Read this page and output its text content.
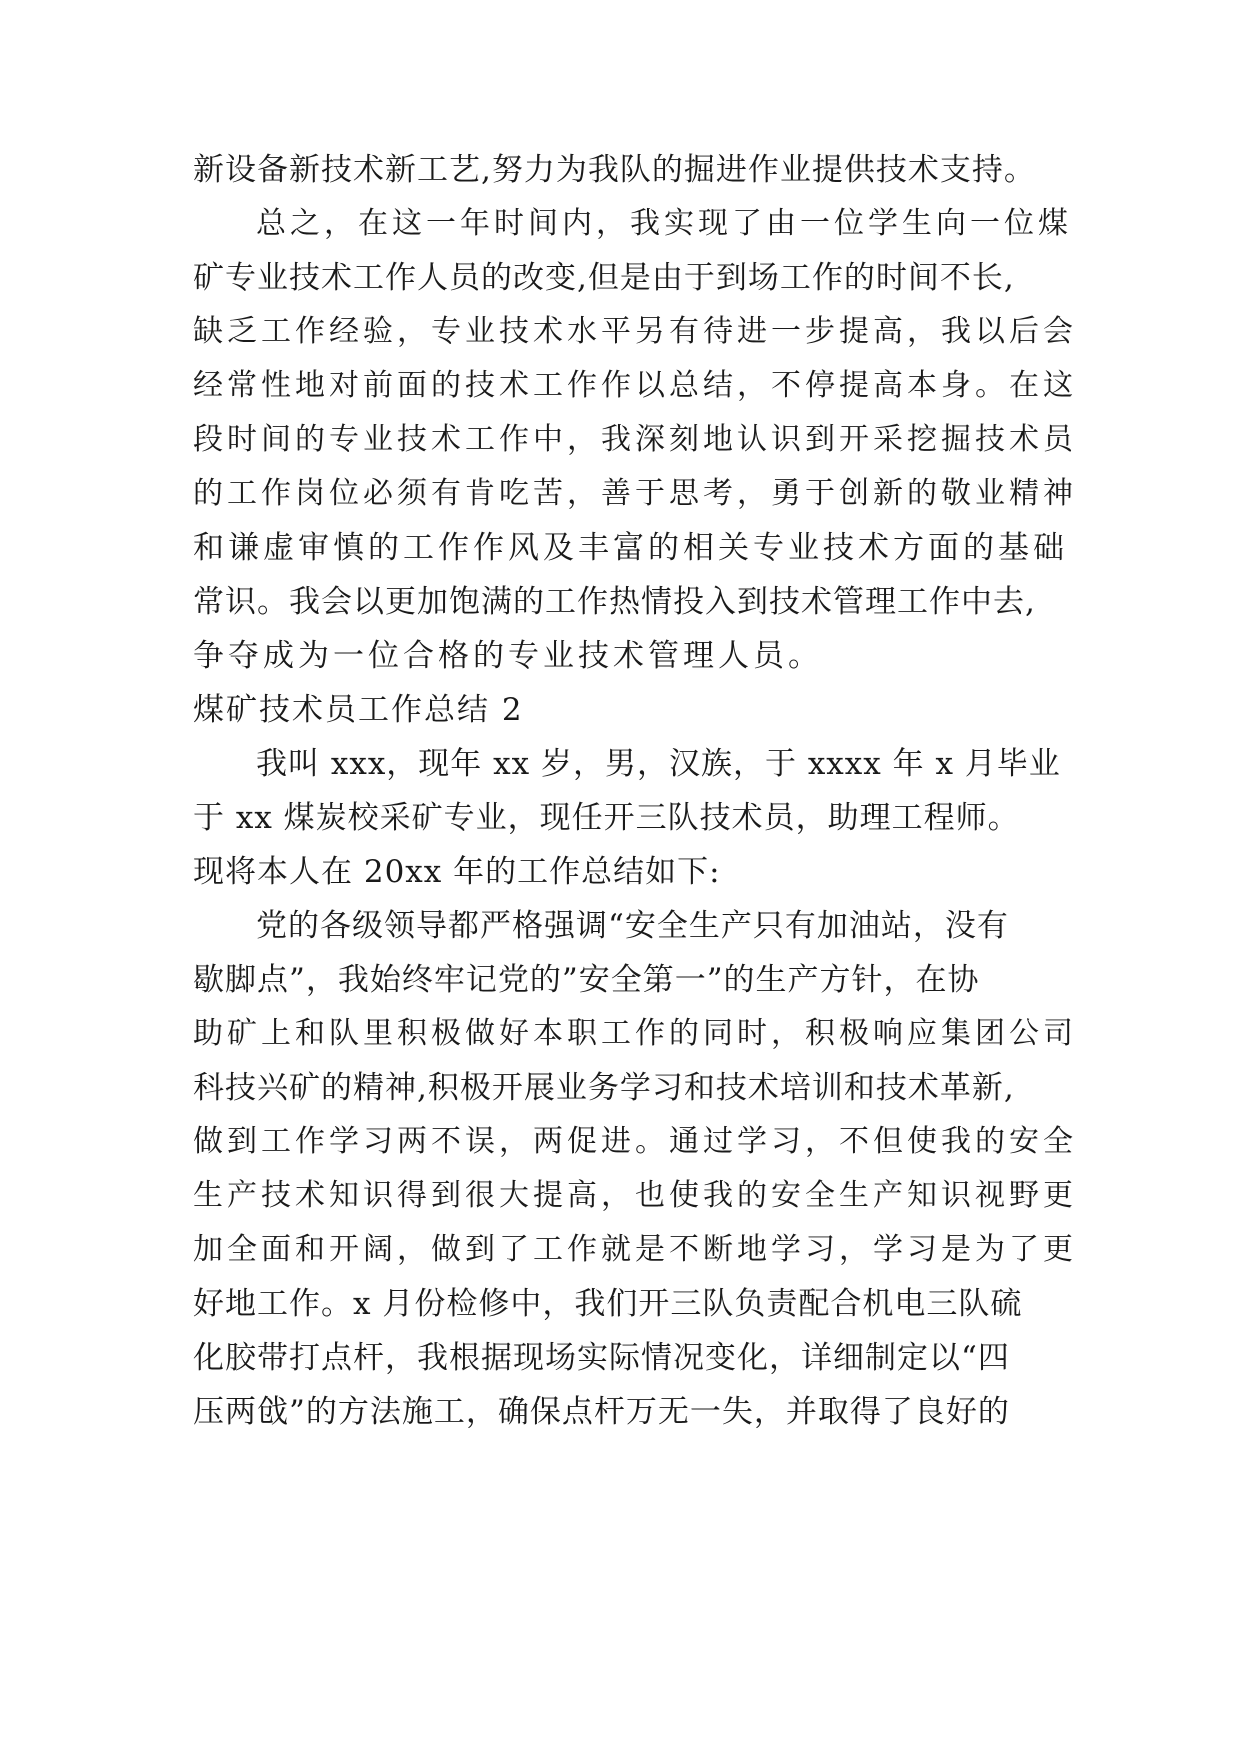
新设备新技术新工艺,努力为我队的掘进作业提供技术支持。
总之，在这一年时间内，我实现了由一位学生向一位煤
矿专业技术工作人员的改变,但是由于到场工作的时间不长,
缺乏工作经验，专业技术水平另有待进一步提高，我以后会
经常性地对前面的技术工作作以总结，不停提高本身。在这
段时间的专业技术工作中，我深刻地认识到开采挖掘技术员
的工作岗位必须有肯吃苦，善于思考，勇于创新的敬业精神
和谦虚审慎的工作作风及丰富的相关专业技术方面的基础
常识。我会以更加饱满的工作热情投入到技术管理工作中去,
争夺成为一位合格的专业技术管理人员。
煤矿技术员工作总结 2
我叫 xxx，现年 xx 岁，男，汉族，于 xxxx 年 x 月毕业
于 xx 煤炭校采矿专业，现任开三队技术员，助理工程师。
现将本人在 20xx 年的工作总结如下:
党的各级领导都严格强调“安全生产只有加油站，没有
歇脚点”，我始终牢记党的”安全第一”的生产方针，在协
助矿上和队里积极做好本职工作的同时，积极响应集团公司
科技兴矿的精神,积极开展业务学习和技术培训和技术革新,
做到工作学习两不误，两促进。通过学习，不但使我的安全
生产技术知识得到很大提高，也使我的安全生产知识视野更
加全面和开阔，做到了工作就是不断地学习，学习是为了更
好地工作。x 月份检修中，我们开三队负责配合机电三队硫
化胶带打点杆，我根据现场实际情况变化，详细制定以“四
压两戗”的方法施工，确保点杆万无一失，并取得了良好的
